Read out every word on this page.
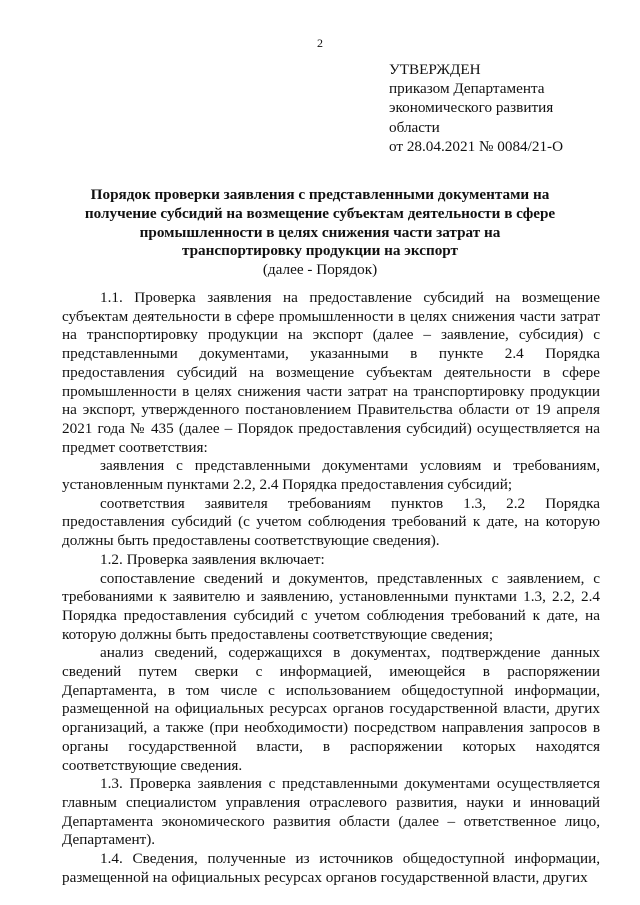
2
УТВЕРЖДЕН
приказом Департамента
экономического развития
области
от 28.04.2021 № 0084/21-О
Порядок проверки заявления с представленными документами на получение субсидий на возмещение субъектам деятельности в сфере промышленности в целях снижения части затрат на транспортировку продукции на экспорт
(далее - Порядок)

1.1. Проверка заявления на предоставление субсидий на возмещение субъектам деятельности в сфере промышленности в целях снижения части затрат на транспортировку продукции на экспорт (далее – заявление, субсидия) с представленными документами, указанными в пункте 2.4 Порядка предоставления субсидий на возмещение субъектам деятельности в сфере промышленности в целях снижения части затрат на транспортировку продукции на экспорт, утвержденного постановлением Правительства области от 19 апреля 2021 года № 435 (далее – Порядок предоставления субсидий) осуществляется на предмет соответствия:

заявления с представленными документами условиям и требованиям, установленным пунктами 2.2, 2.4 Порядка предоставления субсидий;

соответствия заявителя требованиям пунктов 1.3, 2.2 Порядка предоставления субсидий (с учетом соблюдения требований к дате, на которую должны быть предоставлены соответствующие сведения).

1.2. Проверка заявления включает:

сопоставление сведений и документов, представленных с заявлением, с требованиями к заявителю и заявлению, установленными пунктами 1.3, 2.2, 2.4 Порядка предоставления субсидий с учетом соблюдения требований к дате, на которую должны быть предоставлены соответствующие сведения;

анализ сведений, содержащихся в документах, подтверждение данных сведений путем сверки с информацией, имеющейся в распоряжении Департамента, в том числе с использованием общедоступной информации, размещенной на официальных ресурсах органов государственной власти, других организаций, а также (при необходимости) посредством направления запросов в органы государственной власти, в распоряжении которых находятся соответствующие сведения.

1.3. Проверка заявления с представленными документами осуществляется главным специалистом управления отраслевого развития, науки и инноваций Департамента экономического развития области (далее – ответственное лицо, Департамент).

1.4. Сведения, полученные из источников общедоступной информации, размещенной на официальных ресурсах органов государственной власти, других
